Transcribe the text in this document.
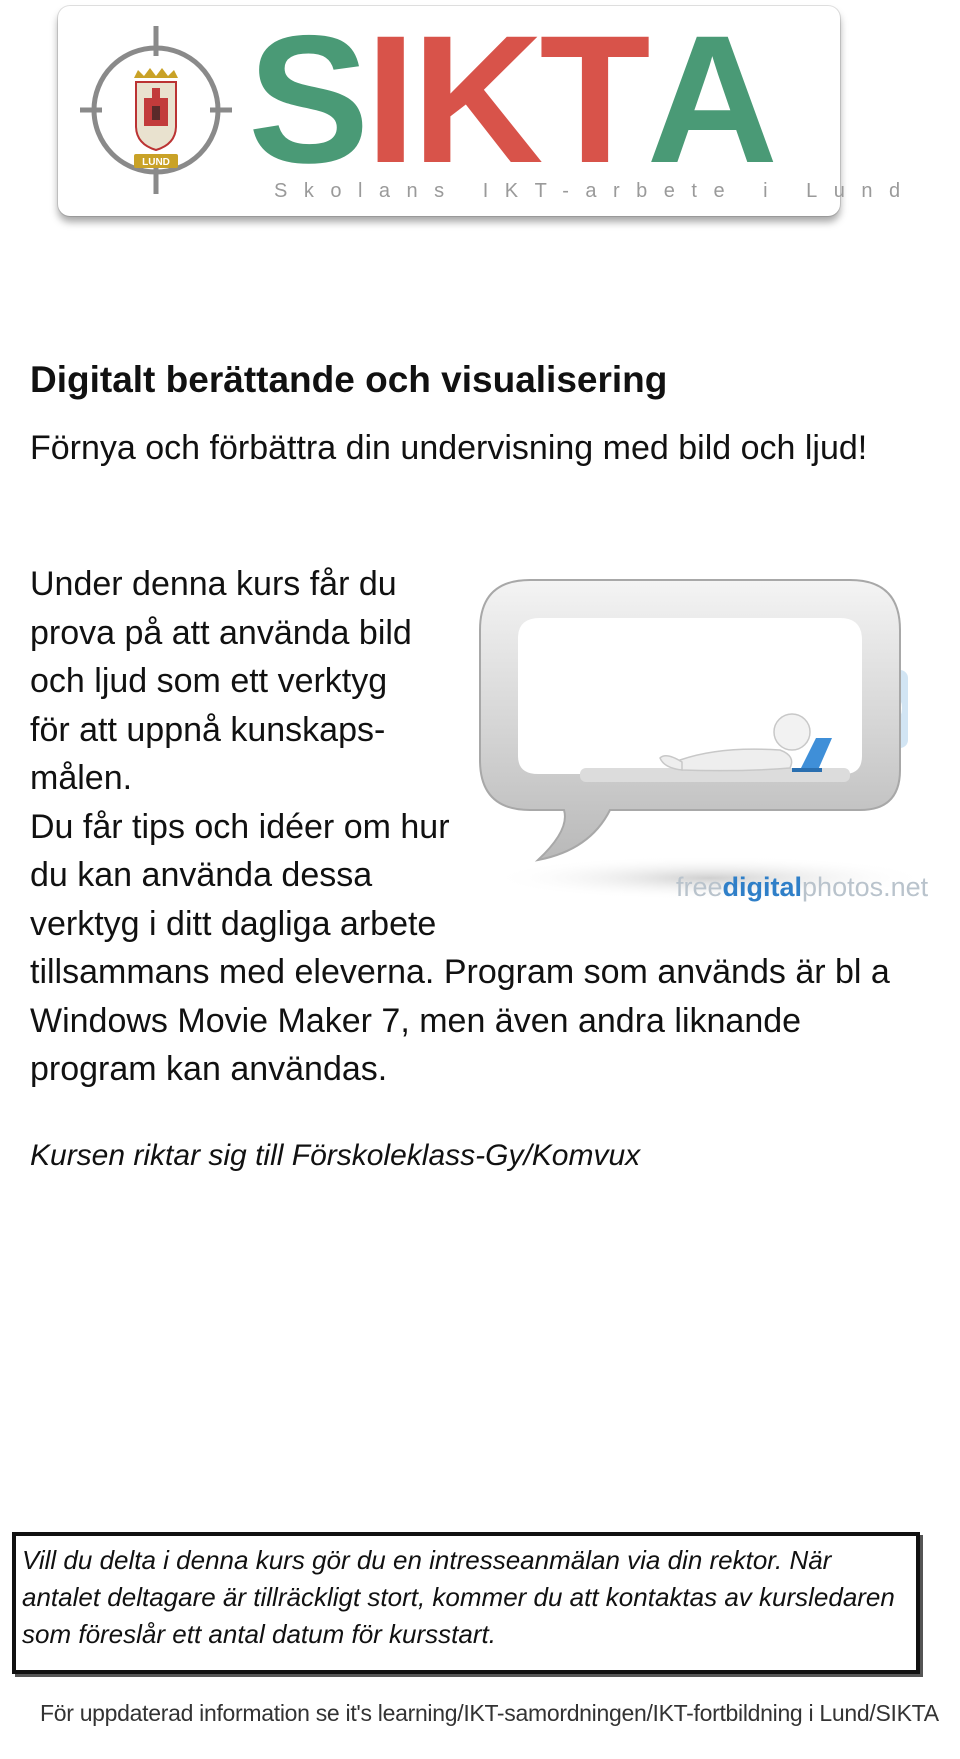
LUND S I K T A
Skolans IKT-arbete i Lund
Digitalt berättande och visualisering

Förnya och förbättra din undervisning med bild och ljud!

freedigitalphotos.net

Under denna kurs får du
prova på att använda bild
och ljud som ett verktyg
för att uppnå kunskaps-
målen.
Du får tips och idéer om hur
du kan använda dessa
verktyg i ditt dagliga arbete
tillsammans med eleverna. Program som används är bl a
Windows Movie Maker 7, men även andra liknande
program kan användas.

Kursen riktar sig till Förskoleklass-Gy/Komvux

Vill du delta i denna kurs gör du en intresseanmälan via din rektor. När antalet deltagare är tillräckligt stort, kommer du att kontaktas av kursledaren som föreslår ett antal datum för kursstart.

För uppdaterad information se it's learning/IKT-samordningen/IKT-fortbildning i Lund/SIKTA
